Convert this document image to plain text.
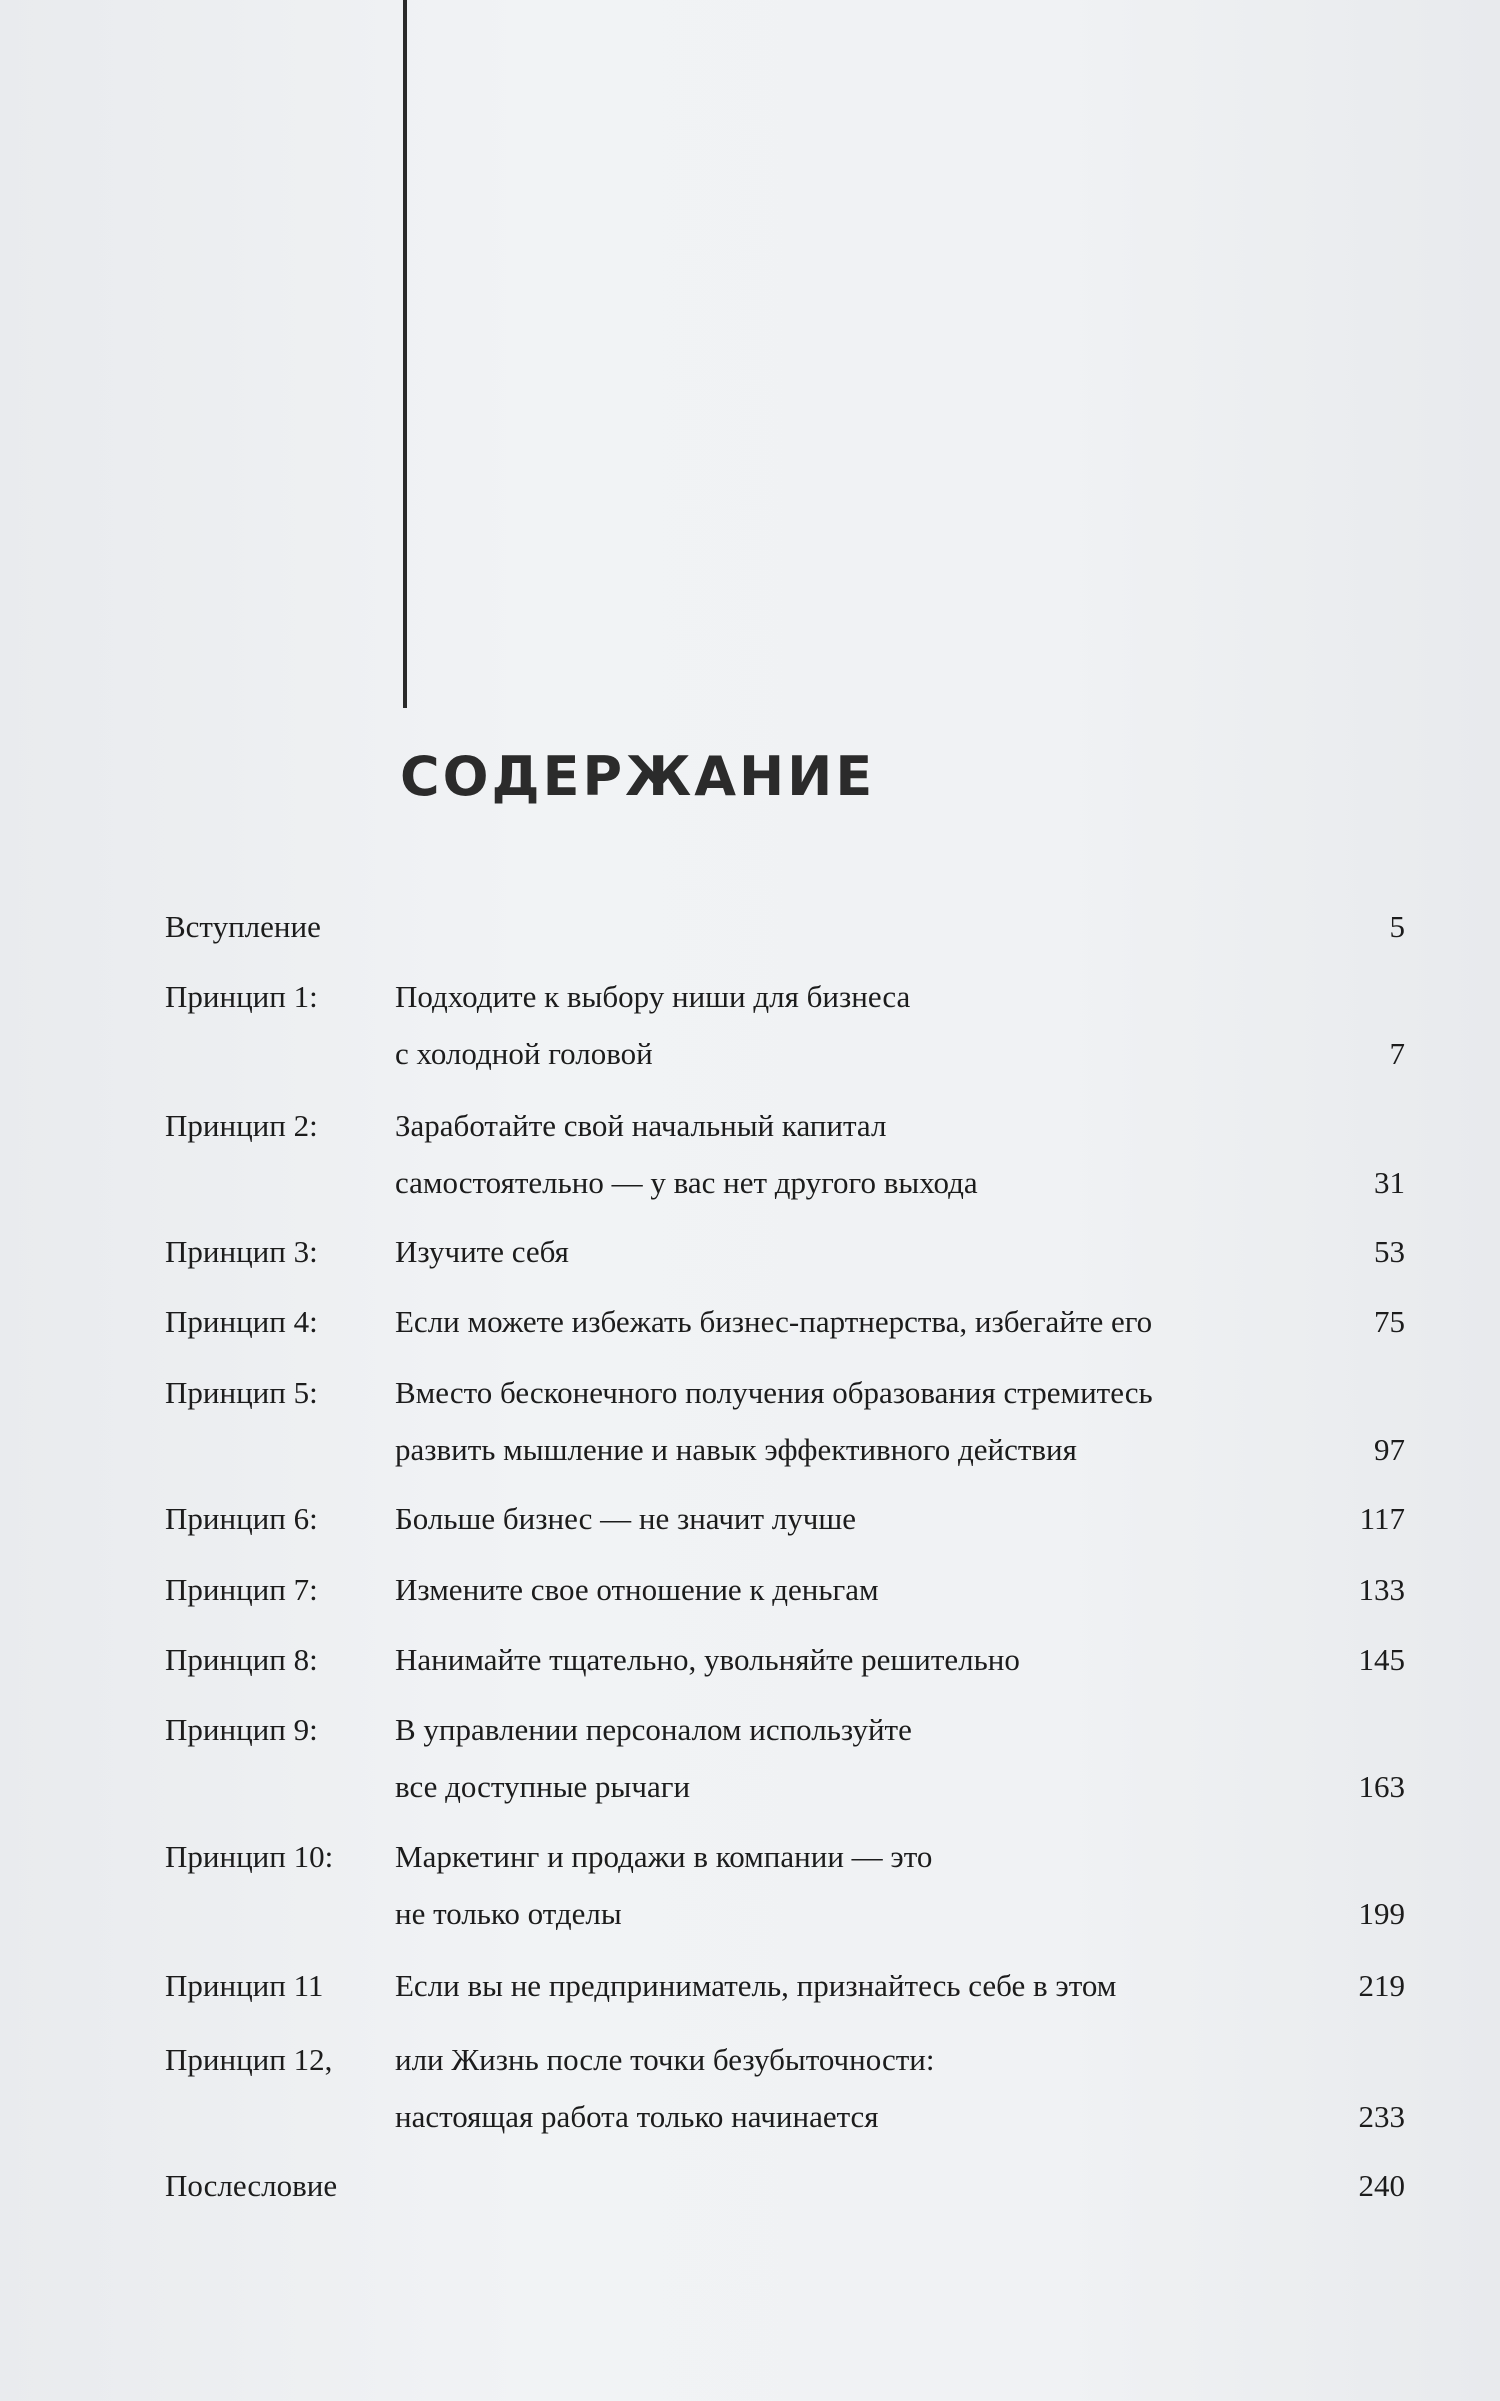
СОДЕРЖАНИЕ
Вступление	5
Принцип 1: Подходите к выбору ниши для бизнеса
с холодной головой	7
Принцип 2: Заработайте свой начальный капитал
самостоятельно — у вас нет другого выхода	31
Принцип 3: Изучите себя	53
Принцип 4: Если можете избежать бизнес-партнерства, избегайте его	75
Принцип 5: Вместо бесконечного получения образования стремитесь
развить мышление и навык эффективного действия	97
Принцип 6: Больше бизнес — не значит лучше	117
Принцип 7: Измените свое отношение к деньгам	133
Принцип 8: Нанимайте тщательно, увольняйте решительно	145
Принцип 9: В управлении персоналом используйте
все доступные рычаги	163
Принцип 10: Маркетинг и продажи в компании — это
не только отделы	199
Принцип 11 Если вы не предприниматель, признайтесь себе в этом	219
Принцип 12, или Жизнь после точки безубыточности:
настоящая работа только начинается	233
Послесловие	240
